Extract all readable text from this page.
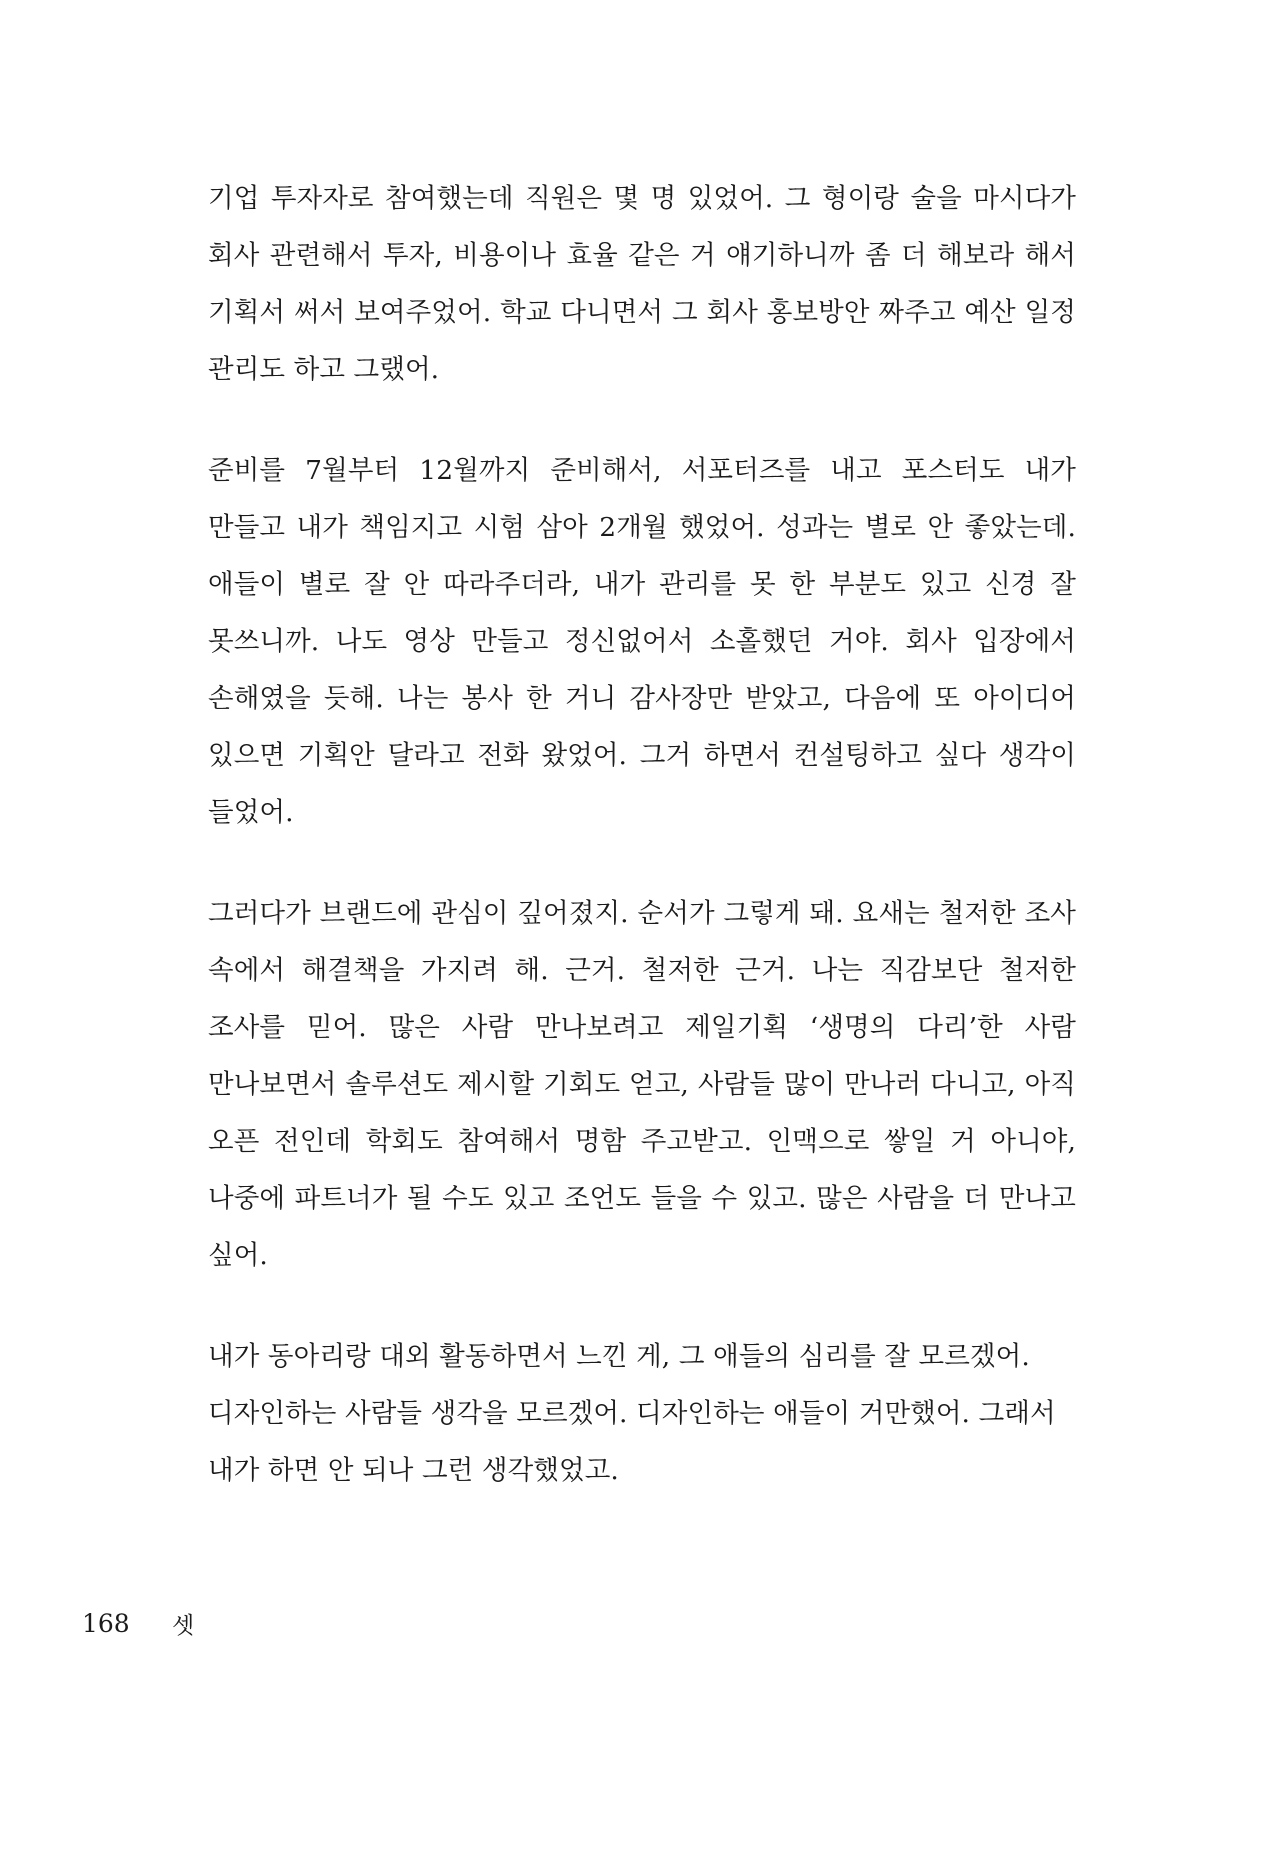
기업 투자자로 참여했는데 직원은 몇 명 있었어. 그 형이랑 술을 마시다가 회사 관련해서 투자, 비용이나 효율 같은 거 얘기하니까 좀 더 해보라 해서 기획서 써서 보여주었어. 학교 다니면서 그 회사 홍보방안 짜주고 예산 일정 관리도 하고 그랬어.

준비를 7월부터 12월까지 준비해서, 서포터즈를 내고 포스터도 내가 만들고 내가 책임지고 시험 삼아 2개월 했었어. 성과는 별로 안 좋았는데. 애들이 별로 잘 안 따라주더라, 내가 관리를 못 한 부분도 있고 신경 잘 못쓰니까. 나도 영상 만들고 정신없어서 소홀했던 거야. 회사 입장에서 손해였을 듯해. 나는 봉사 한 거니 감사장만 받았고, 다음에 또 아이디어 있으면 기획안 달라고 전화 왔었어. 그거 하면서 컨설팅하고 싶다 생각이 들었어.

그러다가 브랜드에 관심이 깊어졌지. 순서가 그렇게 돼. 요새는 철저한 조사 속에서 해결책을 가지려 해. 근거. 철저한 근거. 나는 직감보단 철저한 조사를 믿어. 많은 사람 만나보려고 제일기획 ‘생명의 다리’한 사람 만나보면서 솔루션도 제시할 기회도 얻고, 사람들 많이 만나러 다니고, 아직 오픈 전인데 학회도 참여해서 명함 주고받고. 인맥으로 쌓일 거 아니야, 나중에 파트너가 될 수도 있고 조언도 들을 수 있고. 많은 사람을 더 만나고 싶어.

내가 동아리랑 대외 활동하면서 느낀 게, 그 애들의 심리를 잘 모르겠어. 디자인하는 사람들 생각을 모르겠어. 디자인하는 애들이 거만했어. 그래서 내가 하면 안 되나 그런 생각했었고.

168 셋
